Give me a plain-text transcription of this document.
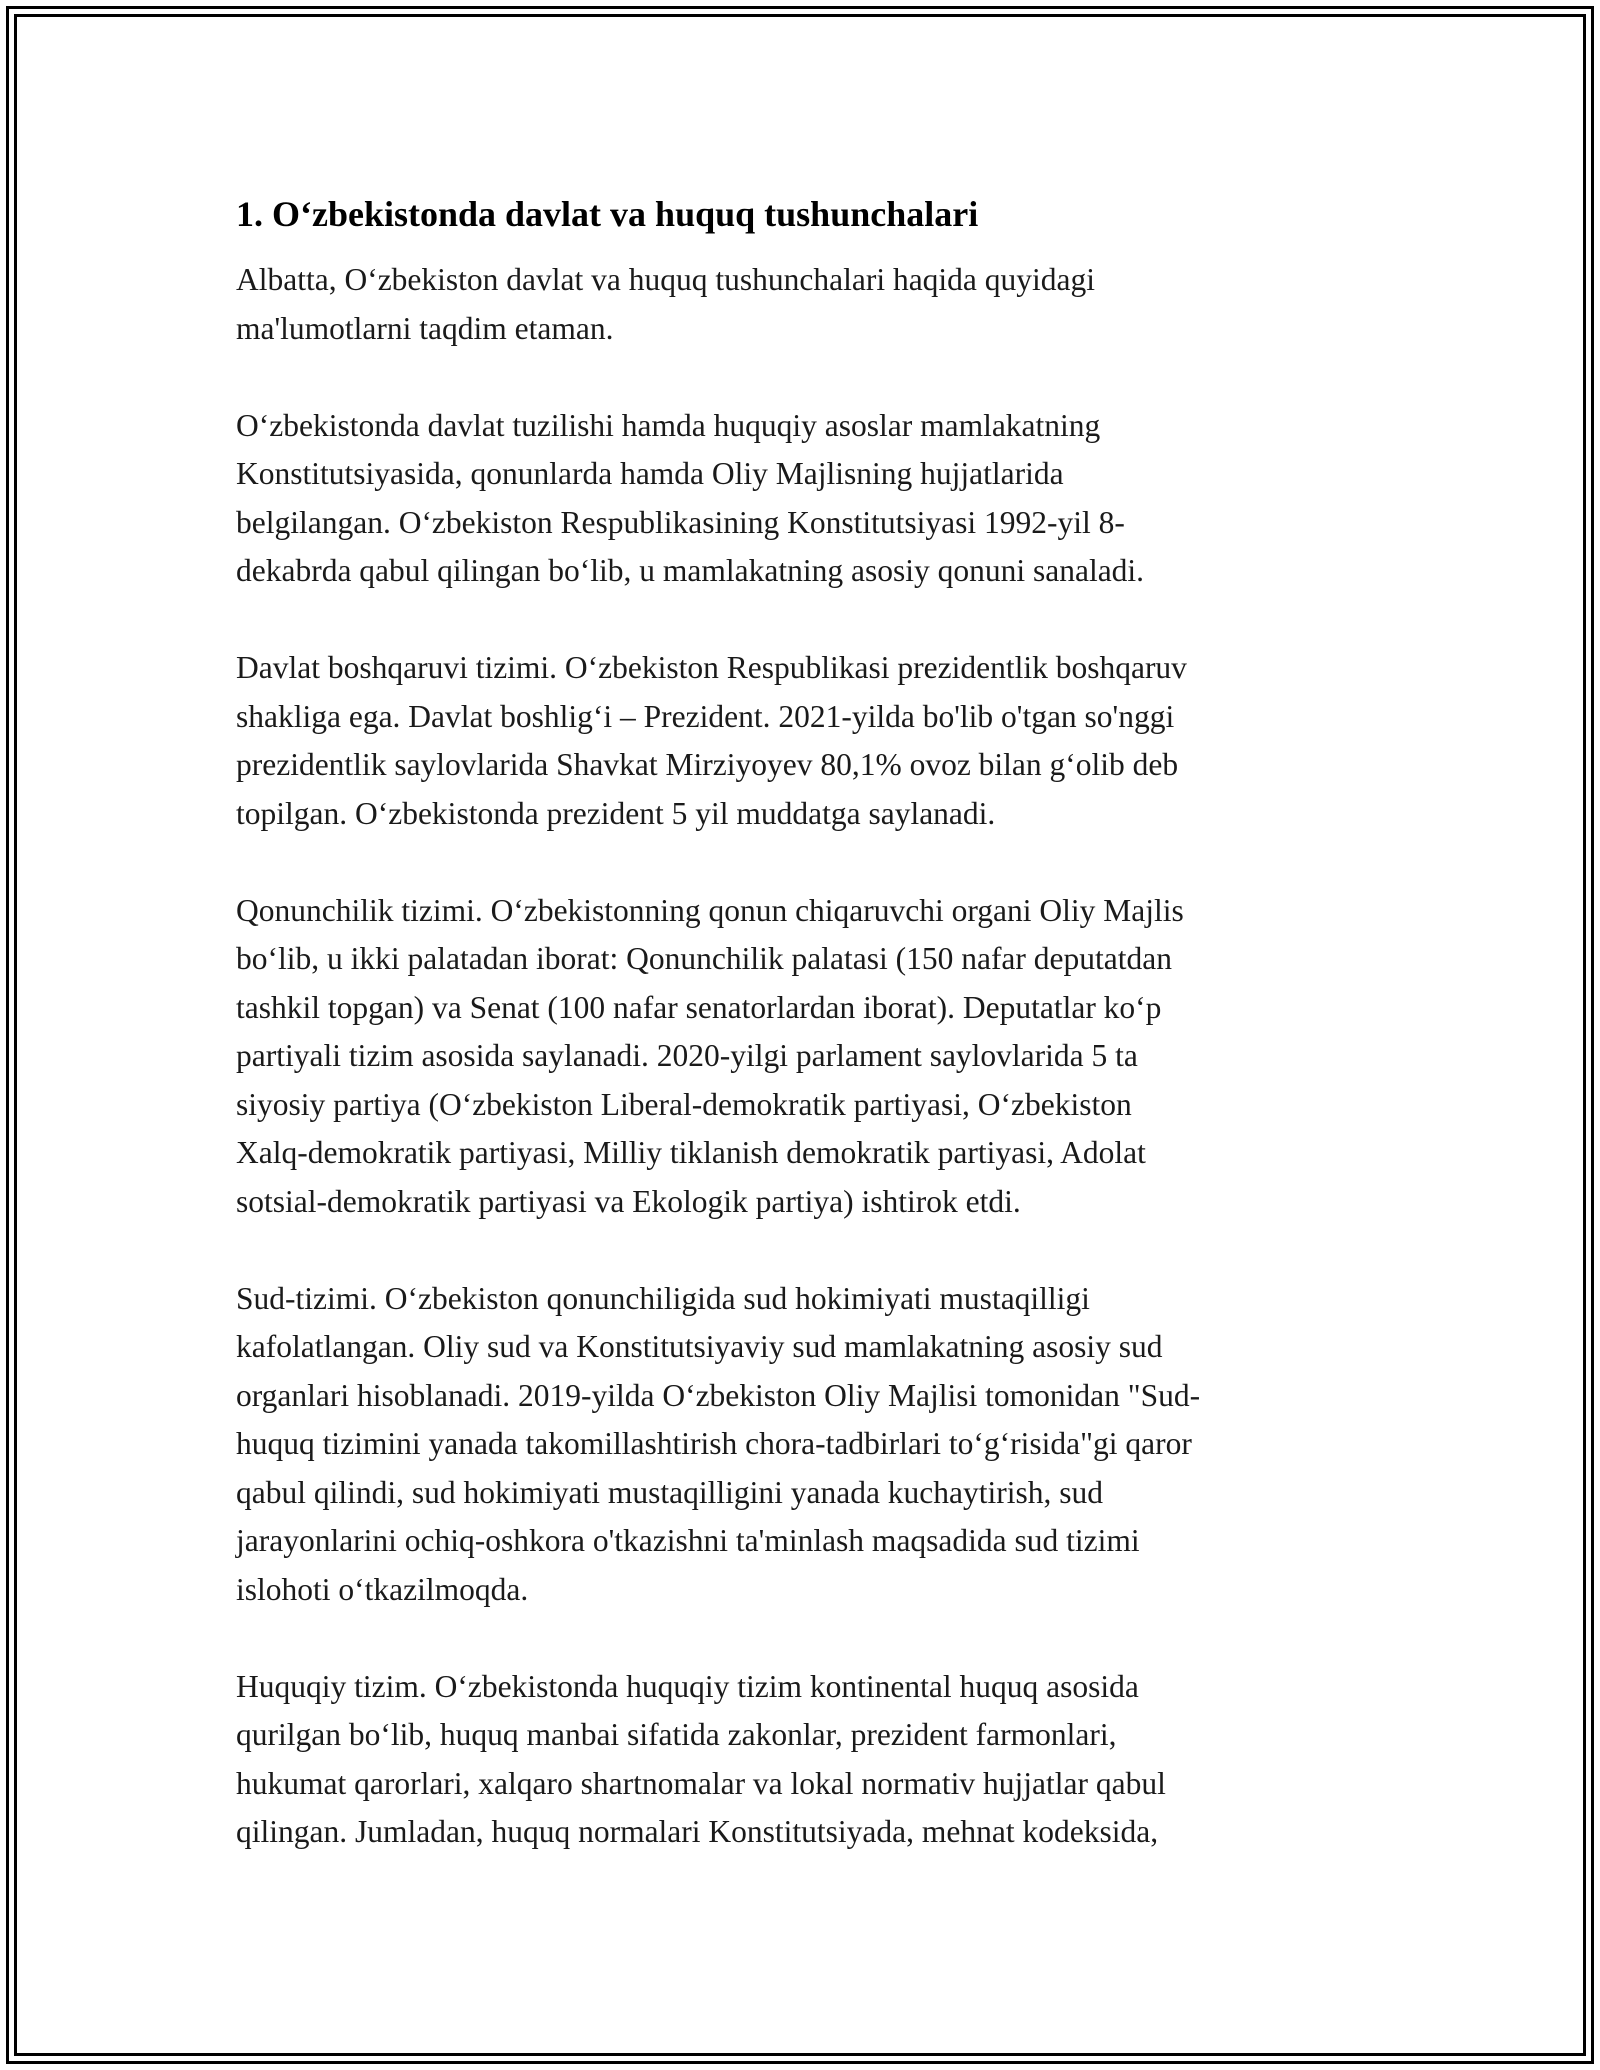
1. O‘zbekistonda davlat va huquq tushunchalari
Albatta, O‘zbekiston davlat va huquq tushunchalari haqida quyidagi
ma'lumotlarni taqdim etaman.
O‘zbekistonda davlat tuzilishi hamda huquqiy asoslar mamlakatning
Konstitutsiyasida, qonunlarda hamda Oliy Majlisning hujjatlarida
belgilangan. O‘zbekiston Respublikasining Konstitutsiyasi 1992-yil 8-
dekabrda qabul qilingan bo‘lib, u mamlakatning asosiy qonuni sanaladi.
Davlat boshqaruvi tizimi. O‘zbekiston Respublikasi prezidentlik boshqaruv
shakliga ega. Davlat boshlig‘i – Prezident. 2021-yilda bo'lib o'tgan so'nggi
prezidentlik saylovlarida Shavkat Mirziyoyev 80,1% ovoz bilan g‘olib deb
topilgan. O‘zbekistonda prezident 5 yil muddatga saylanadi.
Qonunchilik tizimi. O‘zbekistonning qonun chiqaruvchi organi Oliy Majlis
bo‘lib, u ikki palatadan iborat: Qonunchilik palatasi (150 nafar deputatdan
tashkil topgan) va Senat (100 nafar senatorlardan iborat). Deputatlar ko‘p
partiyali tizim asosida saylanadi. 2020-yilgi parlament saylovlarida 5 ta
siyosiy partiya (O‘zbekiston Liberal-demokratik partiyasi, O‘zbekiston
Xalq-demokratik partiyasi, Milliy tiklanish demokratik partiyasi, Adolat
sotsial-demokratik partiyasi va Ekologik partiya) ishtirok etdi.
Sud-tizimi. O‘zbekiston qonunchiligida sud hokimiyati mustaqilligi
kafolatlangan. Oliy sud va Konstitutsiyaviy sud mamlakatning asosiy sud
organlari hisoblanadi. 2019-yilda O‘zbekiston Oliy Majlisi tomonidan "Sud-
huquq tizimini yanada takomillashtirish chora-tadbirlari to‘g‘risida"gi qaror
qabul qilindi, sud hokimiyati mustaqilligini yanada kuchaytirish, sud
jarayonlarini ochiq-oshkora o'tkazishni ta'minlash maqsadida sud tizimi
islohoti o‘tkazilmoqda.
Huquqiy tizim. O‘zbekistonda huquqiy tizim kontinental huquq asosida
qurilgan bo‘lib, huquq manbai sifatida zakonlar, prezident farmonlari,
hukumat qarorlari, xalqaro shartnomalar va lokal normativ hujjatlar qabul
qilingan. Jumladan, huquq normalari Konstitutsiyada, mehnat kodeksida,
